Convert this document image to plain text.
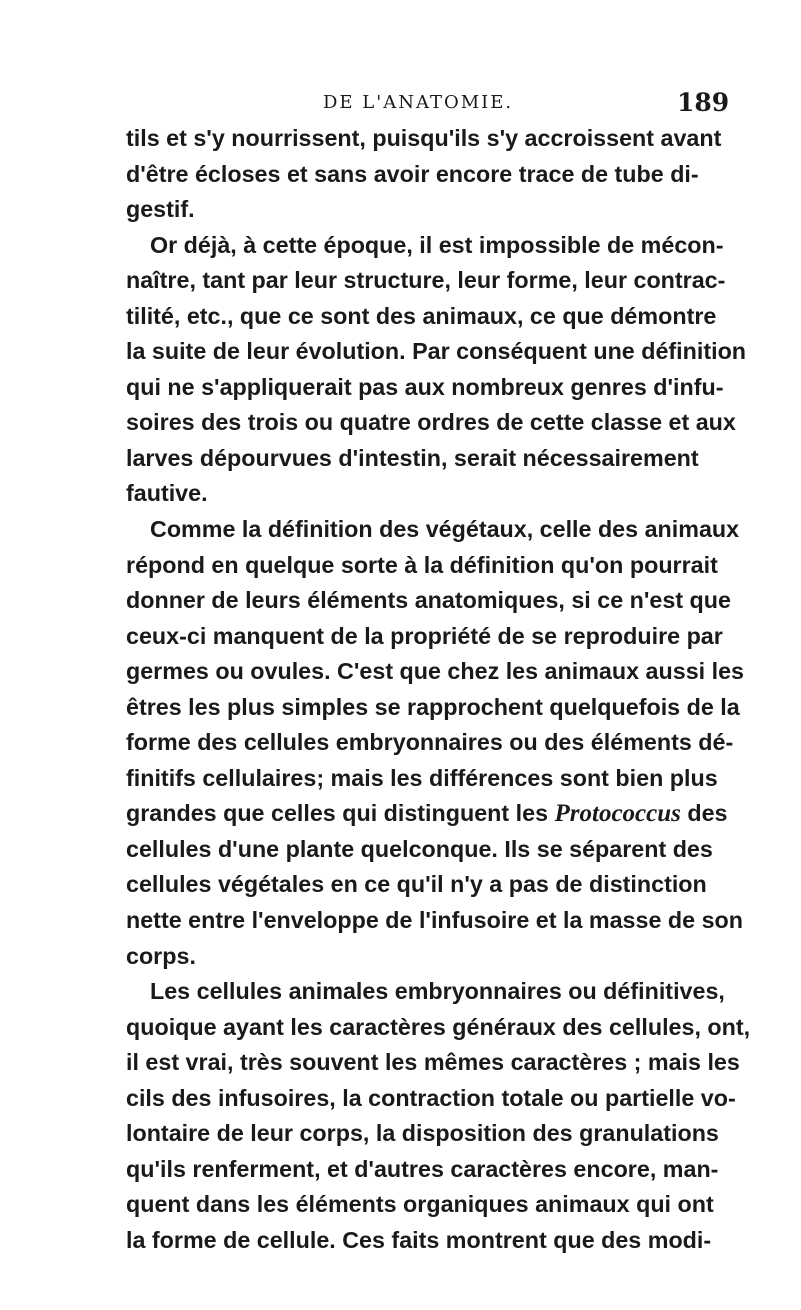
DE L'ANATOMIE.	189
tils et s'y nourrissent, puisqu'ils s'y accroissent avant
d'être écloses et sans avoir encore trace de tube di-
gestif.
Or déjà, à cette époque, il est impossible de mécon-
naître, tant par leur structure, leur forme, leur contrac-
tilité, etc., que ce sont des animaux, ce que démontre
la suite de leur évolution. Par conséquent une définition
qui ne s'appliquerait pas aux nombreux genres d'infu-
soires des trois ou quatre ordres de cette classe et aux
larves dépourvues d'intestin, serait nécessairement
fautive.
Comme la définition des végétaux, celle des animaux
répond en quelque sorte à la définition qu'on pourrait
donner de leurs éléments anatomiques, si ce n'est que
ceux-ci manquent de la propriété de se reproduire par
germes ou ovules. C'est que chez les animaux aussi les
êtres les plus simples se rapprochent quelquefois de la
forme des cellules embryonnaires ou des éléments dé-
finitifs cellulaires; mais les différences sont bien plus
grandes que celles qui distinguent les Protococcus des
cellules d'une plante quelconque. Ils se séparent des
cellules végétales en ce qu'il n'y a pas de distinction
nette entre l'enveloppe de l'infusoire et la masse de son
corps.
Les cellules animales embryonnaires ou définitives,
quoique ayant les caractères généraux des cellules, ont,
il est vrai, très souvent les mêmes caractères ; mais les
cils des infusoires, la contraction totale ou partielle vo-
lontaire de leur corps, la disposition des granulations
qu'ils renferment, et d'autres caractères encore, man-
quent dans les éléments organiques animaux qui ont
la forme de cellule. Ces faits montrent que des modi-
